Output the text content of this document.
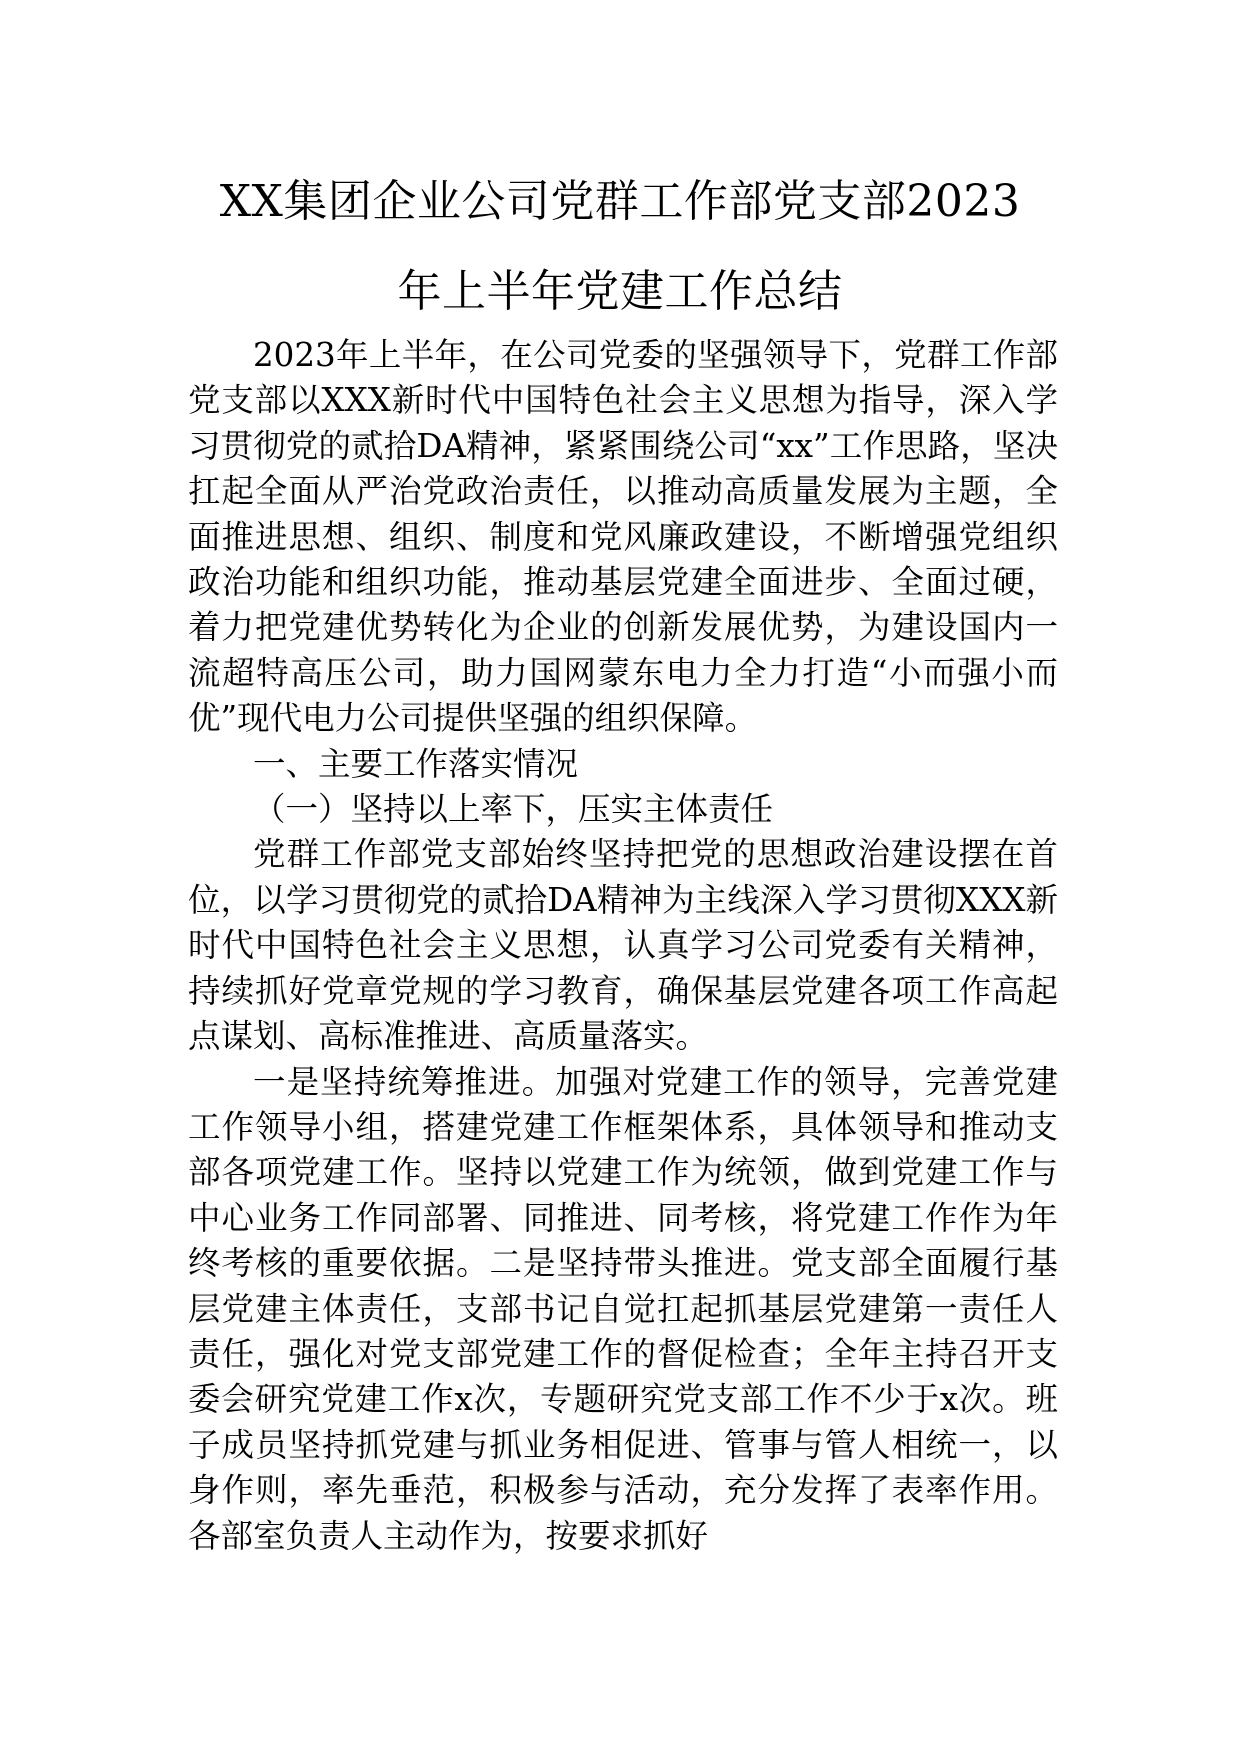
XX集团企业公司党群工作部党支部2023
年上半年党建工作总结

2023年上半年，在公司党委的坚强领导下，党群工作部党支部以XXX新时代中国特色社会主义思想为指导，深入学习贯彻党的贰拾DA精神，紧紧围绕公司“xx”工作思路，坚决扛起全面从严治党政治责任，以推动高质量发展为主题，全面推进思想、组织、制度和党风廉政建设，不断增强党组织政治功能和组织功能，推动基层党建全面进步、全面过硬，着力把党建优势转化为企业的创新发展优势，为建设国内一流超特高压公司，助力国网蒙东电力全力打造“小而强小而优”现代电力公司提供坚强的组织保障。

一、主要工作落实情况

（一）坚持以上率下，压实主体责任

党群工作部党支部始终坚持把党的思想政治建设摆在首位，以学习贯彻党的贰拾DA精神为主线深入学习贯彻XXX新时代中国特色社会主义思想，认真学习公司党委有关精神，持续抓好党章党规的学习教育，确保基层党建各项工作高起点谋划、高标准推进、高质量落实。

一是坚持统筹推进。加强对党建工作的领导，完善党建工作领导小组，搭建党建工作框架体系，具体领导和推动支部各项党建工作。坚持以党建工作为统领，做到党建工作与中心业务工作同部署、同推进、同考核，将党建工作作为年终考核的重要依据。二是坚持带头推进。党支部全面履行基层党建主体责任，支部书记自觉扛起抓基层党建第一责任人责任，强化对党支部党建工作的督促检查；全年主持召开支委会研究党建工作x次，专题研究党支部工作不少于x次。班子成员坚持抓党建与抓业务相促进、管事与管人相统一，以身作则，率先垂范，积极参与活动，充分发挥了表率作用。各部室负责人主动作为，按要求抓好
